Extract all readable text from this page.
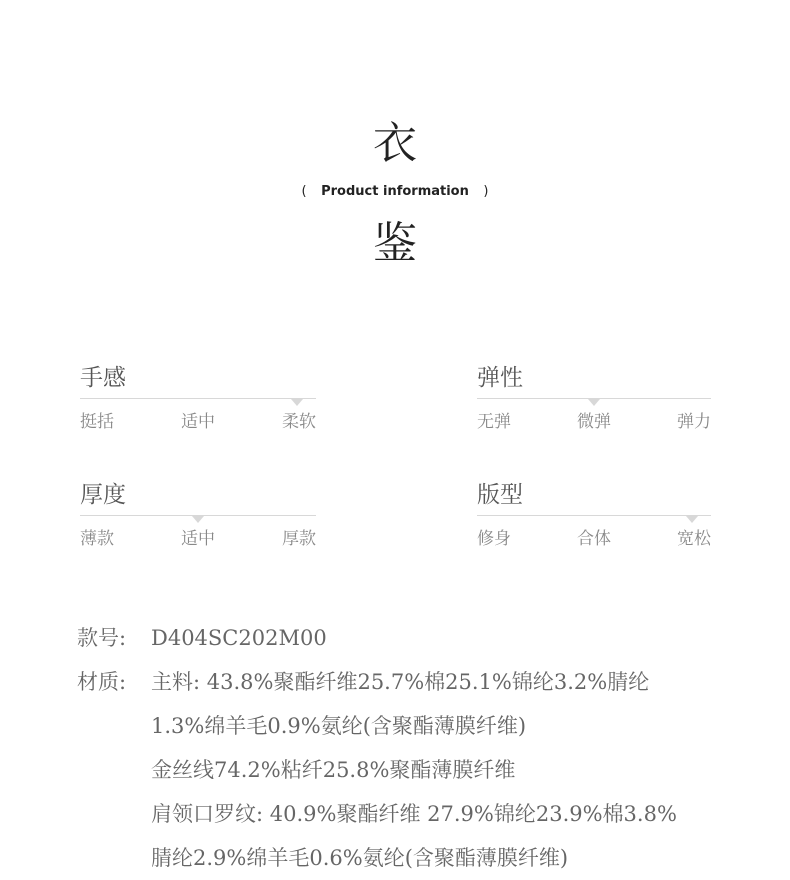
衣
( Product information )
鉴
手感
挺括	适中	柔软
弹性
无弹	微弹	弹力
厚度
薄款	适中	厚款
版型
修身	合体	宽松
款号: D404SC202M00
材质: 主料: 43.8%聚酯纤维25.7%棉25.1%锦纶3.2%腈纶
1.3%绵羊毛0.9%氨纶(含聚酯薄膜纤维)
金丝线74.2%粘纤25.8%聚酯薄膜纤维
肩领口罗纹: 40.9%聚酯纤维 27.9%锦纶23.9%棉3.8%
腈纶2.9%绵羊毛0.6%氨纶(含聚酯薄膜纤维)
